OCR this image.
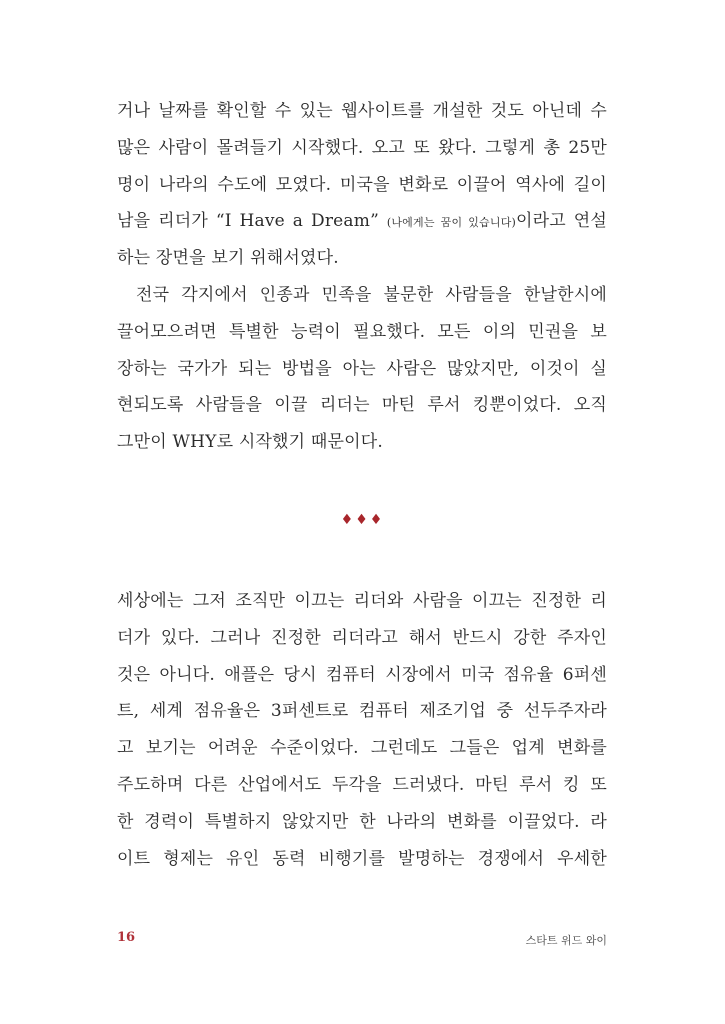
거나 날짜를 확인할 수 있는 웹사이트를 개설한 것도 아닌데 수
많은 사람이 몰려들기 시작했다. 오고 또 왔다. 그렇게 총 25만
명이 나라의 수도에 모였다. 미국을 변화로 이끌어 역사에 길이
남을 리더가 “I Have a Dream” (나에게는 꿈이 있습니다)이라고 연설
하는 장면을 보기 위해서였다.
전국 각지에서 인종과 민족을 불문한 사람들을 한날한시에
끌어모으려면 특별한 능력이 필요했다. 모든 이의 민권을 보
장하는 국가가 되는 방법을 아는 사람은 많았지만, 이것이 실
현되도록 사람들을 이끌 리더는 마틴 루서 킹뿐이었다. 오직
그만이 WHY로 시작했기 때문이다.
♦♦♦
세상에는 그저 조직만 이끄는 리더와 사람을 이끄는 진정한 리
더가 있다. 그러나 진정한 리더라고 해서 반드시 강한 주자인
것은 아니다. 애플은 당시 컴퓨터 시장에서 미국 점유율 6퍼센
트, 세계 점유율은 3퍼센트로 컴퓨터 제조기업 중 선두주자라
고 보기는 어려운 수준이었다. 그런데도 그들은 업계 변화를
주도하며 다른 산업에서도 두각을 드러냈다. 마틴 루서 킹 또
한 경력이 특별하지 않았지만 한 나라의 변화를 이끌었다. 라
이트 형제는 유인 동력 비행기를 발명하는 경쟁에서 우세한
16	스타트 위드 와이
